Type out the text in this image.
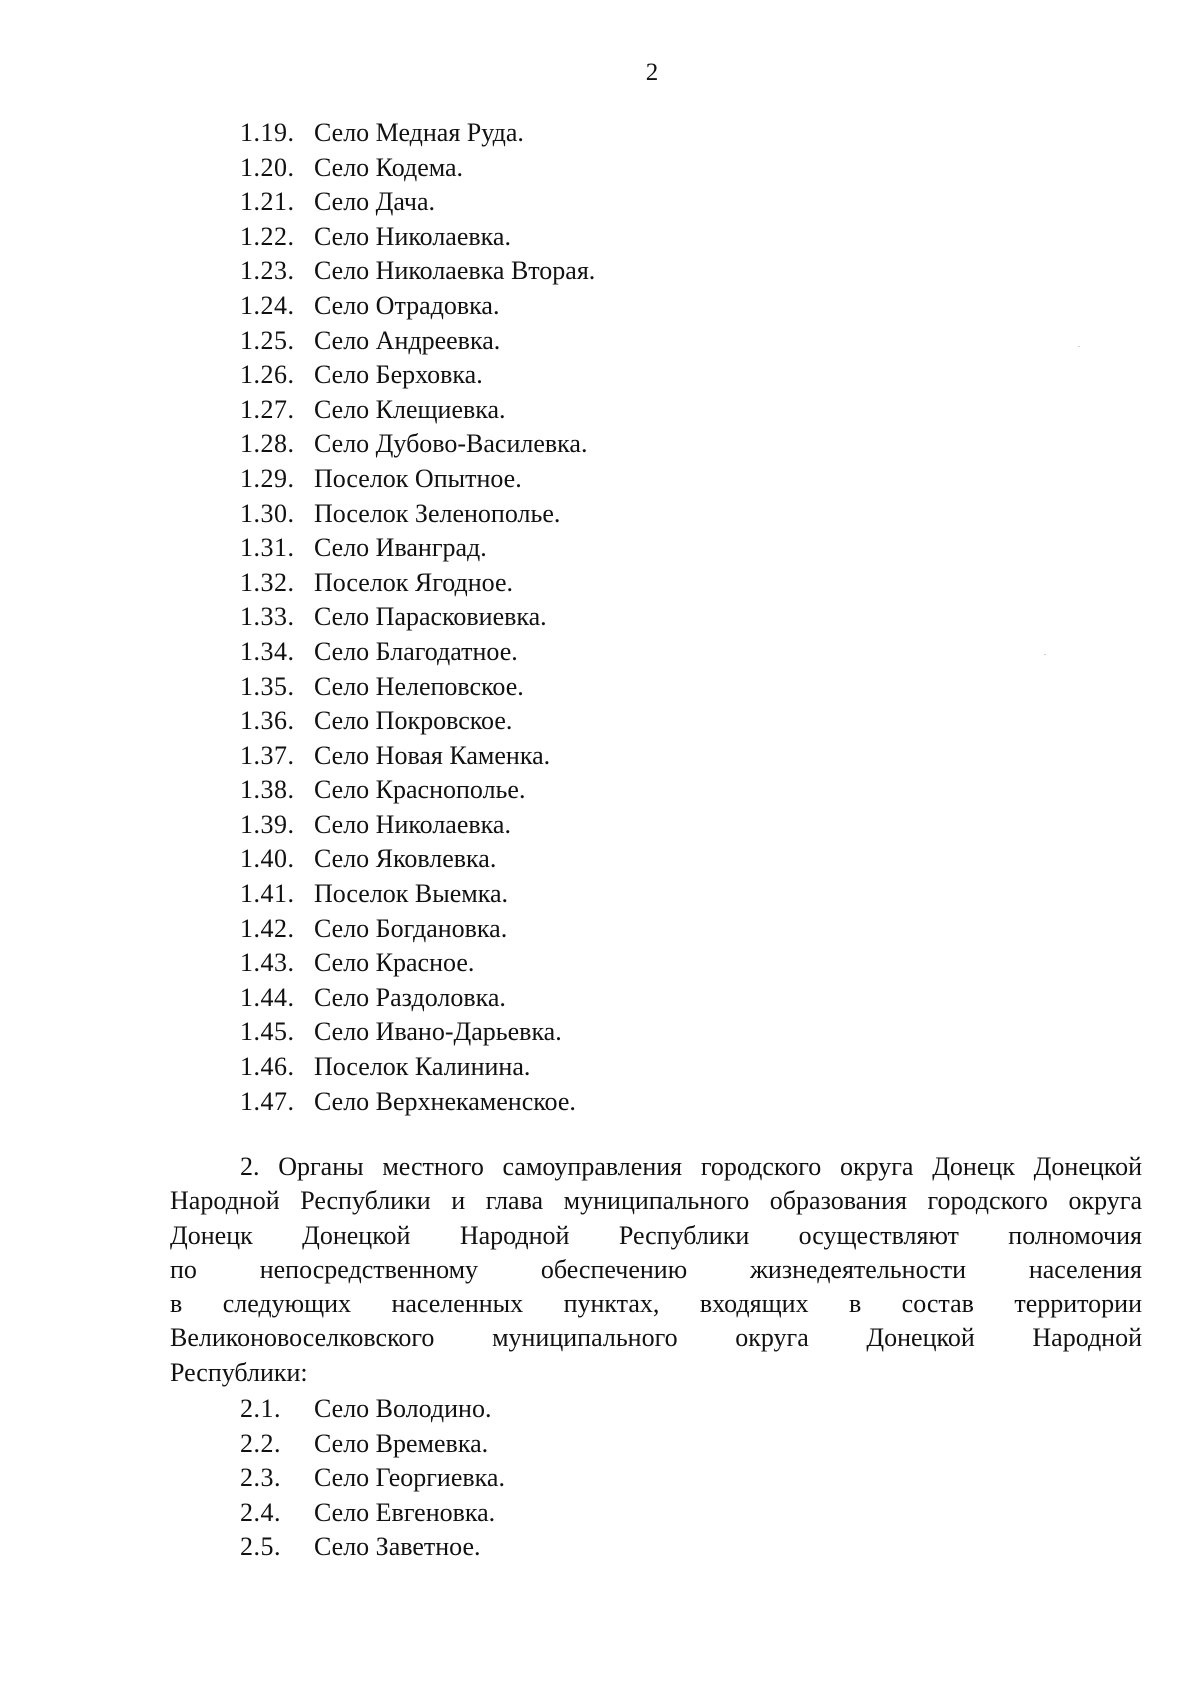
2
1.19. Село Медная Руда.
1.20. Село Кодема.
1.21. Село Дача.
1.22. Село Николаевка.
1.23. Село Николаевка Вторая.
1.24. Село Отрадовка.
1.25. Село Андреевка.
1.26. Село Берховка.
1.27. Село Клещиевка.
1.28. Село Дубово-Василевка.
1.29. Поселок Опытное.
1.30. Поселок Зеленополье.
1.31. Село Иванград.
1.32. Поселок Ягодное.
1.33. Село Парасковиевка.
1.34. Село Благодатное.
1.35. Село Нелеповское.
1.36. Село Покровское.
1.37. Село Новая Каменка.
1.38. Село Краснополье.
1.39. Село Николаевка.
1.40. Село Яковлевка.
1.41. Поселок Выемка.
1.42. Село Богдановка.
1.43. Село Красное.
1.44. Село Раздоловка.
1.45. Село Ивано-Дарьевка.
1.46. Поселок Калинина.
1.47. Село Верхнекаменское.
2. Органы местного самоуправления городского округа Донецк Донецкой
Народной Республики и глава муниципального образования городского округа
Донецк Донецкой Народной Республики осуществляют полномочия
по непосредственному обеспечению жизнедеятельности населения
в следующих населенных пунктах, входящих в состав территории
Великоновоселковского муниципального округа Донецкой Народной
Республики:
2.1. Село Володино.
2.2. Село Времевка.
2.3. Село Георгиевка.
2.4. Село Евгеновка.
2.5. Село Заветное.
